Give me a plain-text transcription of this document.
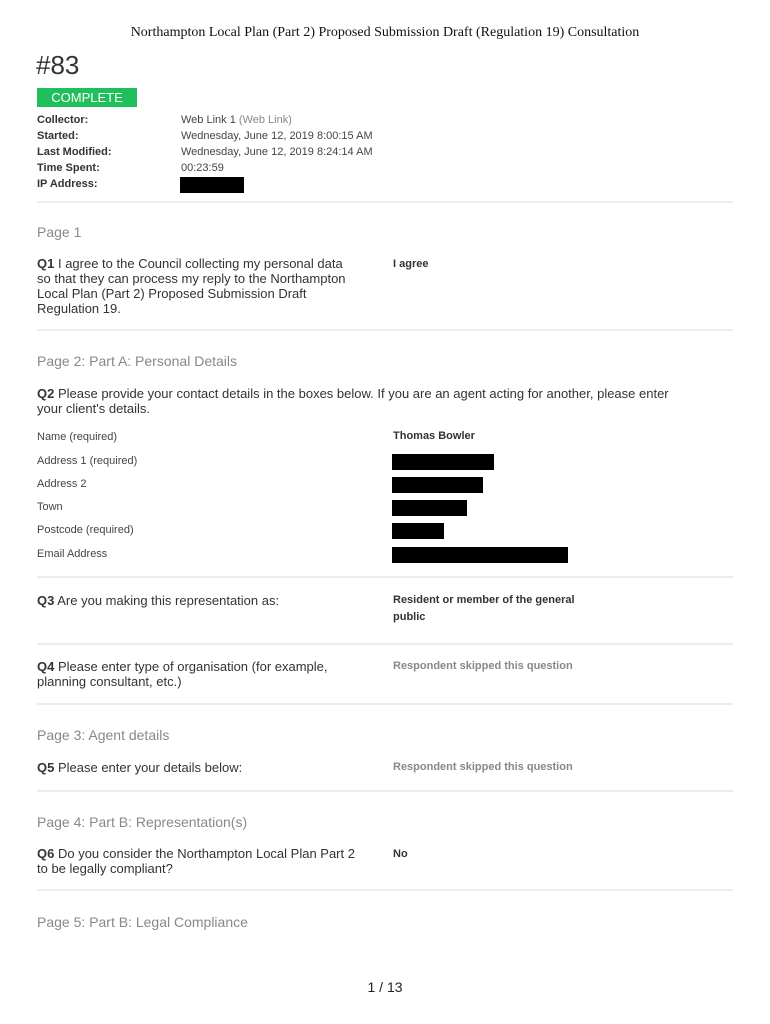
Northampton Local Plan (Part 2) Proposed Submission Draft (Regulation 19) Consultation
#83
COMPLETE
Collector:	Web Link 1 (Web Link)
Started:	Wednesday, June 12, 2019 8:00:15 AM
Last Modified:	Wednesday, June 12, 2019 8:24:14 AM
Time Spent:	00:23:59
IP Address:
Page 1
Q1 I agree to the Council collecting my personal data
so that they can process my reply to the Northampton
Local Plan (Part 2) Proposed Submission Draft
Regulation 19.
I agree
Page 2: Part A: Personal Details
Q2 Please provide your contact details in the boxes below. If you are an agent acting for another, please enter
your client's details.
Name (required)	Thomas Bowler
Address 1 (required)
Address 2
Town
Postcode (required)
Email Address
Q3 Are you making this representation as:	Resident or member of the general
public
Q4 Please enter type of organisation (for example,
planning consultant, etc.)
Respondent skipped this question
Page 3: Agent details
Q5 Please enter your details below:	Respondent skipped this question
Page 4: Part B: Representation(s)
Q6 Do you consider the Northampton Local Plan Part 2
to be legally compliant?
No
Page 5: Part B: Legal Compliance
1 / 13
